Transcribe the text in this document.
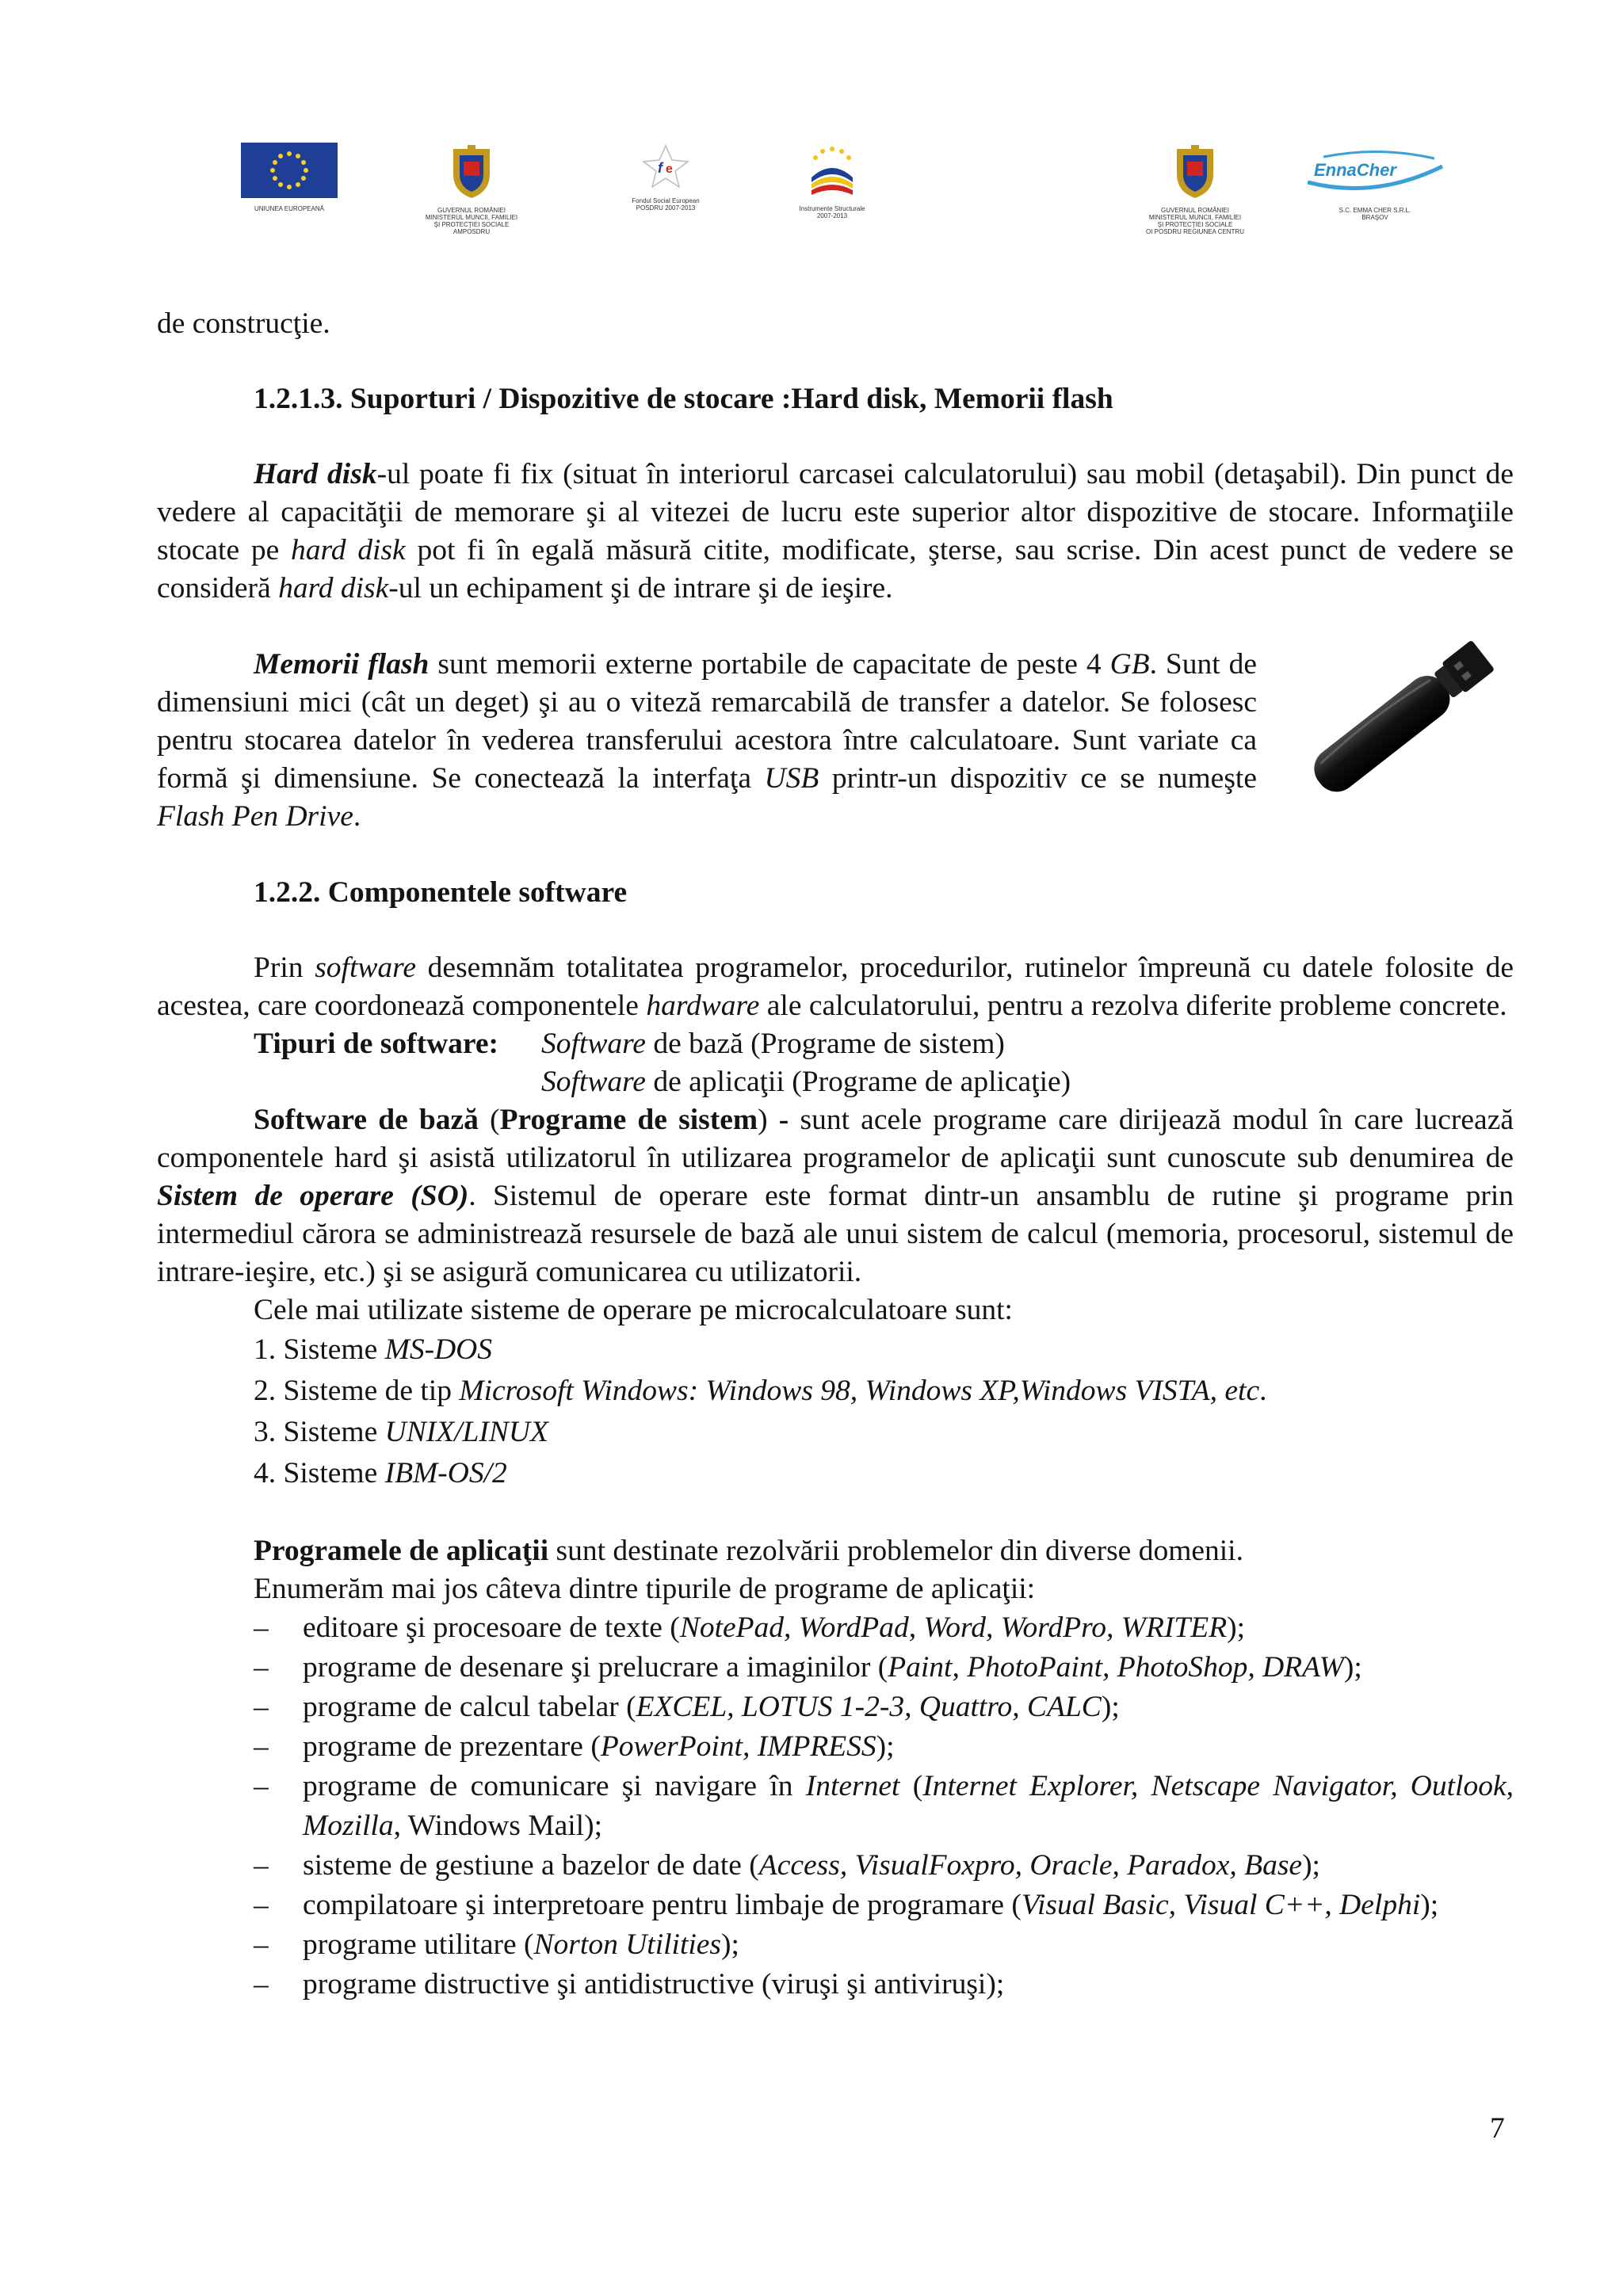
UNIUNEA EUROPEANĂ	GUVERNUL ROMÂNIEI
MINISTERUL MUNCII, FAMILIEI
ŞI PROTECŢIEI SOCIALE
AMPOSDRU
f e
Fondul Social European
POSDRU 2007-2013	Instrumente Structurale
2007-2013
GUVERNUL ROMÂNIEI
MINISTERUL MUNCII, FAMILIEI
ŞI PROTECŢIEI SOCIALE
OI POSDRU REGIUNEA CENTRU
EnnaCher
S.C. EMMA CHER S.R.L.
BRAŞOV

de construcţie.

1.2.1.3. Suporturi / Dispozitive de stocare :Hard disk, Memorii flash

Hard disk-ul poate fi fix (situat în interiorul carcasei calculatorului) sau mobil (detaşabil). Din punct de vedere al capacităţii de memorare şi al vitezei de lucru este superior altor dispozitive de stocare. Informaţiile stocate pe hard disk pot fi în egală măsură citite, modificate, şterse, sau scrise. Din acest punct de vedere se consideră hard disk-ul un echipament şi de intrare şi de ieşire.

Memorii flash sunt memorii externe portabile de capacitate de peste 4 GB. Sunt de dimensiuni mici (cât un deget) şi au o viteză remarcabilă de transfer a datelor. Se folosesc pentru stocarea datelor în vederea transferului acestora între calculatoare. Sunt variate ca formă şi dimensiune. Se conectează la interfaţa USB printr-un dispozitiv ce se numeşte Flash Pen Drive.

1.2.2. Componentele software

Prin software desemnăm totalitatea programelor, procedurilor, rutinelor împreună cu datele folosite de acestea, care coordonează componentele hardware ale calculatorului, pentru a rezolva diferite probleme concrete.

Tipuri de software:	Software de bază (Programe de sistem)

Software de aplicaţii (Programe de aplicaţie)

Software de bază (Programe de sistem) - sunt acele programe care dirijează modul în care lucrează componentele hard şi asistă utilizatorul în utilizarea programelor de aplicaţii sunt cunoscute sub denumirea de Sistem de operare (SO). Sistemul de operare este format dintr-un ansamblu de rutine şi programe prin intermediul cărora se administrează resursele de bază ale unui sistem de calcul (memoria, procesorul, sistemul de intrare-ieşire, etc.) şi se asigură comunicarea cu utilizatorii.

Cele mai utilizate sisteme de operare pe microcalculatoare sunt:

1. Sisteme MS-DOS
2. Sisteme de tip Microsoft Windows: Windows 98, Windows XP,Windows VISTA, etc.
3. Sisteme UNIX/LINUX
4. Sisteme IBM-OS/2

Programele de aplicaţii sunt destinate rezolvării problemelor din diverse domenii.

Enumerăm mai jos câteva dintre tipurile de programe de aplicaţii:

–	editoare şi procesoare de texte (NotePad, WordPad, Word, WordPro, WRITER);
–	programe de desenare şi prelucrare a imaginilor (Paint, PhotoPaint, PhotoShop, DRAW);
–	programe de calcul tabelar (EXCEL, LOTUS 1-2-3, Quattro, CALC);
–	programe de prezentare (PowerPoint, IMPRESS);
–	programe de comunicare şi navigare în Internet (Internet Explorer, Netscape Navigator, Outlook, Mozilla, Windows Mail);
–	sisteme de gestiune a bazelor de date (Access, VisualFoxpro, Oracle, Paradox, Base);
–	compilatoare şi interpretoare pentru limbaje de programare (Visual Basic, Visual C++, Delphi);
–	programe utilitare (Norton Utilities);
–	programe distructive şi antidistructive (viruşi şi antiviruşi);
7
